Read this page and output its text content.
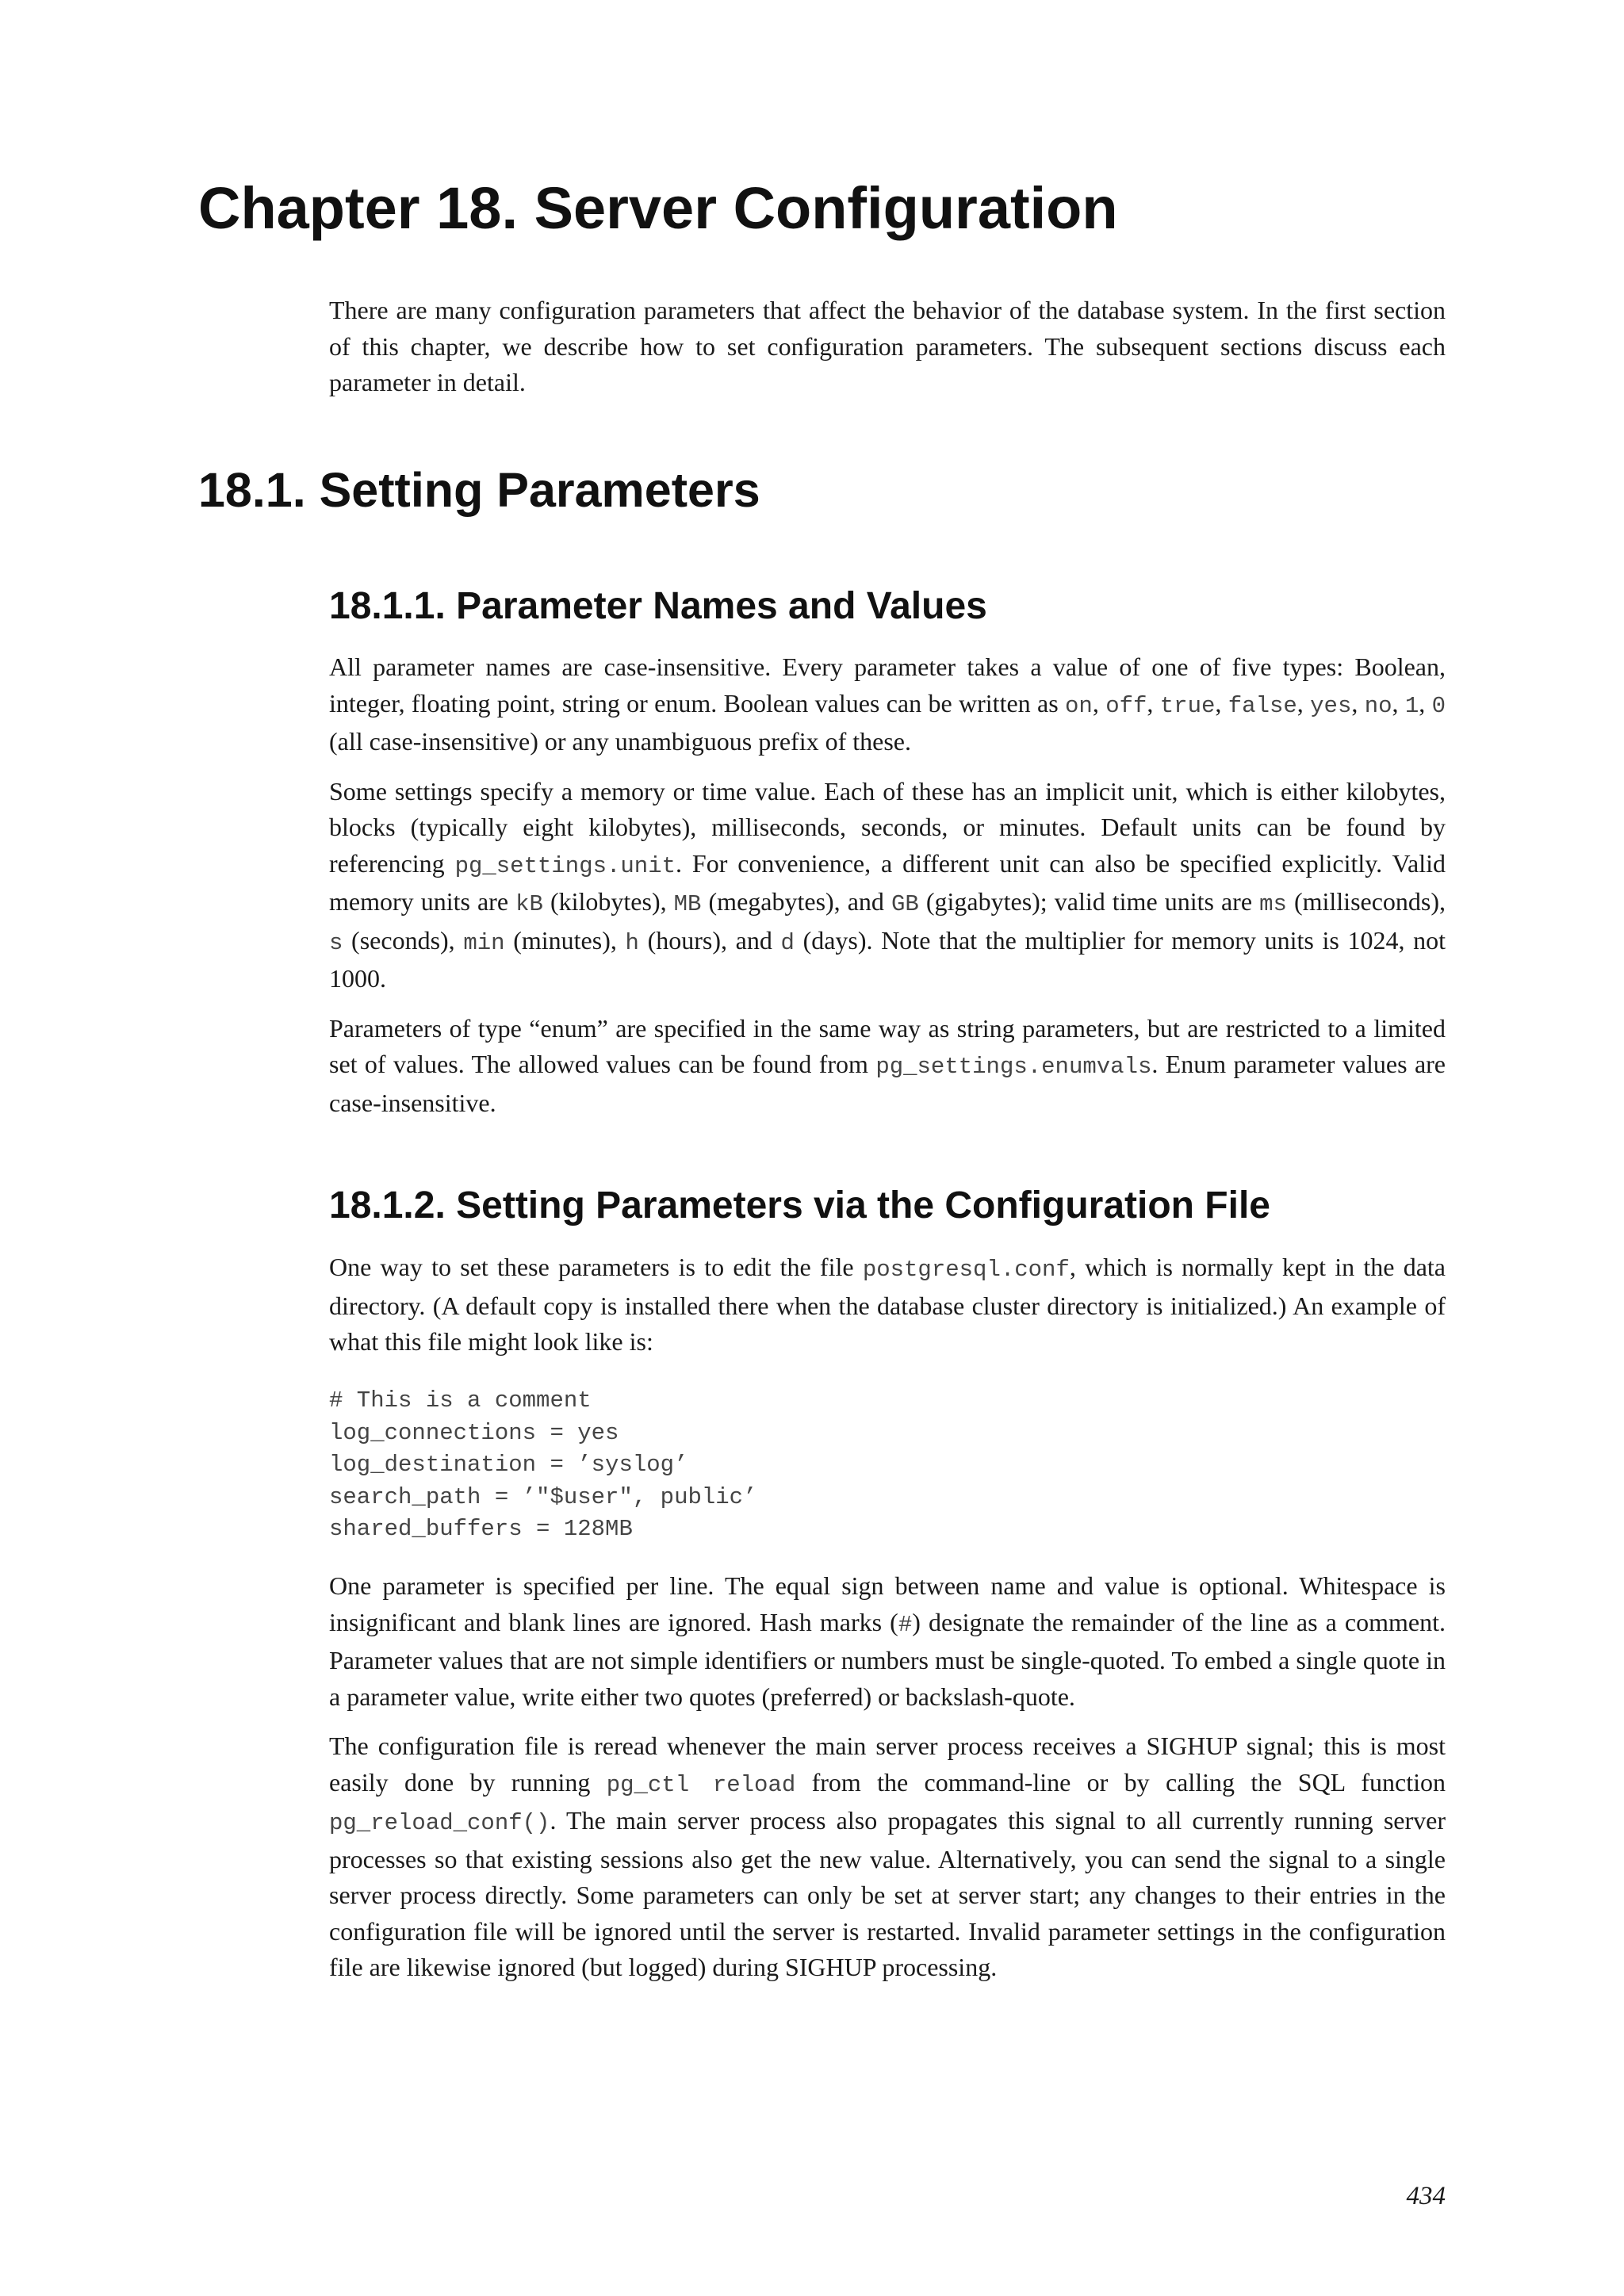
Chapter 18. Server Configuration

There are many configuration parameters that affect the behavior of the database system. In the first section of this chapter, we describe how to set configuration parameters. The subsequent sections discuss each parameter in detail.

18.1. Setting Parameters
18.1.1. Parameter Names and Values

All parameter names are case-insensitive. Every parameter takes a value of one of five types: Boolean, integer, floating point, string or enum. Boolean values can be written as on, off, true, false, yes, no, 1, 0 (all case-insensitive) or any unambiguous prefix of these.

Some settings specify a memory or time value. Each of these has an implicit unit, which is either kilobytes, blocks (typically eight kilobytes), milliseconds, seconds, or minutes. Default units can be found by referencing pg_settings.unit. For convenience, a different unit can also be specified explicitly. Valid memory units are kB (kilobytes), MB (megabytes), and GB (gigabytes); valid time units are ms (milliseconds), s (seconds), min (minutes), h (hours), and d (days). Note that the multiplier for memory units is 1024, not 1000.

Parameters of type “enum” are specified in the same way as string parameters, but are restricted to a limited set of values. The allowed values can be found from pg_settings.enumvals. Enum parameter values are case-insensitive.

18.1.2. Setting Parameters via the Configuration File

One way to set these parameters is to edit the file postgresql.conf, which is normally kept in the data directory. (A default copy is installed there when the database cluster directory is initialized.) An example of what this file might look like is:

# This is a comment
log_connections = yes
log_destination = ’syslog’
search_path = ’"$user", public’
shared_buffers = 128MB

One parameter is specified per line. The equal sign between name and value is optional. Whitespace is insignificant and blank lines are ignored. Hash marks (#) designate the remainder of the line as a comment. Parameter values that are not simple identifiers or numbers must be single-quoted. To embed a single quote in a parameter value, write either two quotes (preferred) or backslash-quote.

The configuration file is reread whenever the main server process receives a SIGHUP signal; this is most easily done by running pg_ctl reload from the command-line or by calling the SQL function pg_reload_conf(). The main server process also propagates this signal to all currently running server processes so that existing sessions also get the new value. Alternatively, you can send the signal to a single server process directly. Some parameters can only be set at server start; any changes to their entries in the configuration file will be ignored until the server is restarted. Invalid parameter settings in the configuration file are likewise ignored (but logged) during SIGHUP processing.

434
